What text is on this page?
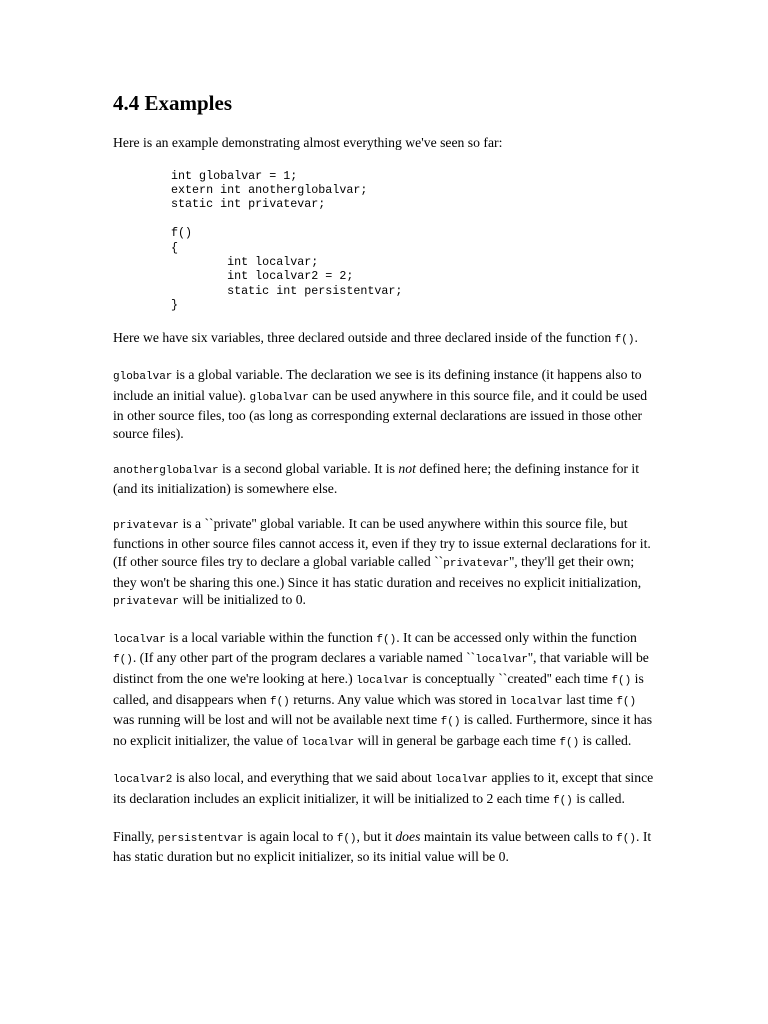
4.4 Examples

Here is an example demonstrating almost everything we've seen so far:

int globalvar = 1;
extern int anotherglobalvar;
static int privatevar;

f()
{
int localvar;
int localvar2 = 2;
static int persistentvar;
}

Here we have six variables, three declared outside and three declared inside of the function f().

globalvar is a global variable. The declaration we see is its defining instance (it happens also to include an initial value). globalvar can be used anywhere in this source file, and it could be used in other source files, too (as long as corresponding external declarations are issued in those other source files).

anotherglobalvar is a second global variable. It is not defined here; the defining instance for it (and its initialization) is somewhere else.

privatevar is a ``private'' global variable. It can be used anywhere within this source file, but functions in other source files cannot access it, even if they try to issue external declarations for it. (If other source files try to declare a global variable called ``privatevar'', they'll get their own; they won't be sharing this one.) Since it has static duration and receives no explicit initialization, privatevar will be initialized to 0.

localvar is a local variable within the function f(). It can be accessed only within the function f(). (If any other part of the program declares a variable named ``localvar'', that variable will be distinct from the one we're looking at here.) localvar is conceptually ``created'' each time f() is called, and disappears when f() returns. Any value which was stored in localvar last time f() was running will be lost and will not be available next time f() is called. Furthermore, since it has no explicit initializer, the value of localvar will in general be garbage each time f() is called.

localvar2 is also local, and everything that we said about localvar applies to it, except that since its declaration includes an explicit initializer, it will be initialized to 2 each time f() is called.

Finally, persistentvar is again local to f(), but it does maintain its value between calls to f(). It has static duration but no explicit initializer, so its initial value will be 0.
